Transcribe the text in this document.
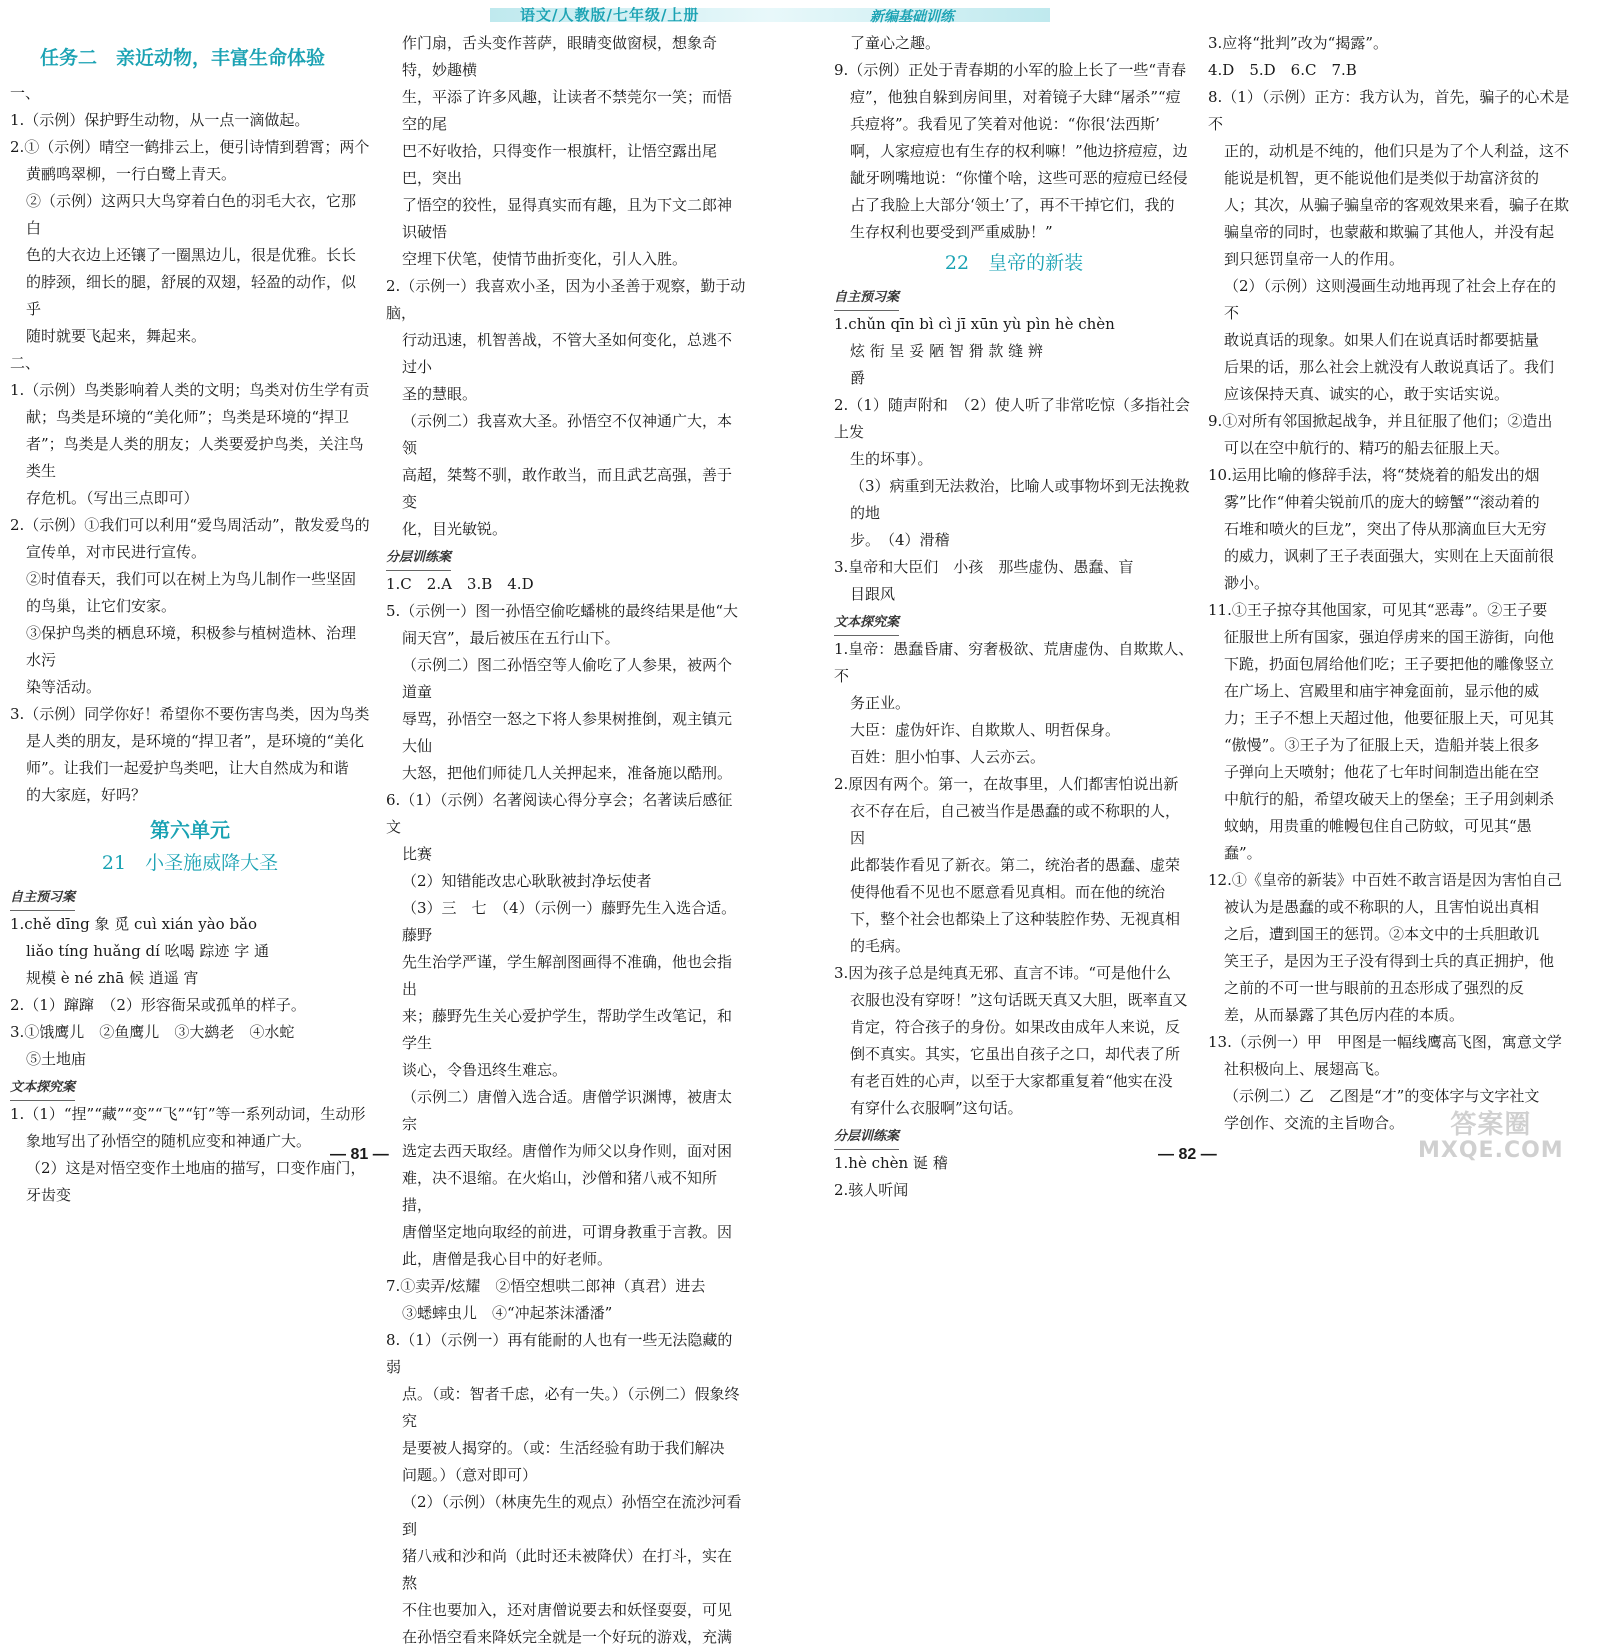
语文/人教版/七年级/上册	新编基础训练

任务二　亲近动物，丰富生命体验

一、

1.（示例）保护野生动物，从一点一滴做起。

2.①（示例）晴空一鹤排云上，便引诗情到碧霄；两个

黄鹂鸣翠柳，一行白鹭上青天。

②（示例）这两只大鸟穿着白色的羽毛大衣，它那白

色的大衣边上还镶了一圈黑边儿，很是优雅。长长

的脖颈，细长的腿，舒展的双翅，轻盈的动作，似乎

随时就要飞起来，舞起来。

二、

1.（示例）鸟类影响着人类的文明；鸟类对仿生学有贡

献；鸟类是环境的“美化师”；鸟类是环境的“捍卫

者”；鸟类是人类的朋友；人类要爱护鸟类，关注鸟类生

存危机。（写出三点即可）

2.（示例）①我们可以利用“爱鸟周活动”，散发爱鸟的

宣传单，对市民进行宣传。

②时值春天，我们可以在树上为鸟儿制作一些坚固

的鸟巢，让它们安家。

③保护鸟类的栖息环境，积极参与植树造林、治理水污

染等活动。

3.（示例）同学你好！希望你不要伤害鸟类，因为鸟类

是人类的朋友，是环境的“捍卫者”，是环境的“美化

师”。让我们一起爱护鸟类吧，让大自然成为和谐

的大家庭，好吗？

第六单元

21　小圣施威降大圣

自主预习案

1.chě dīng 象 觅 cuì xián yào bǎo

liǎo tíng huǎng dí 吆喝 踪迹 字 通

规模 è né zhā 候 逍遥 宵

2.（1）蹿蹿　（2）形容衙呆或孤单的样子。

3.①饿鹰儿　②鱼鹰儿　③大鹚老　④水蛇

⑤土地庙

文本探究案

1.（1）“捏”“藏”“变”“飞”“钉”等一系列动词，生动形

象地写出了孙悟空的随机应变和神通广大。

（2）这是对悟空变作土地庙的描写，口变作庙门，牙齿变

作门扇，舌头变作菩萨，眼睛变做窗棂，想象奇特，妙趣横

生，平添了许多风趣，让读者不禁莞尔一笑；而悟空的尾

巴不好收拾，只得变作一根旗杆，让悟空露出尾巴，突出

了悟空的狡性，显得真实而有趣，且为下文二郎神识破悟

空埋下伏笔，使情节曲折变化，引人入胜。

2.（示例一）我喜欢小圣，因为小圣善于观察，勤于动脑，

行动迅速，机智善战，不管大圣如何变化，总逃不过小

圣的慧眼。

（示例二）我喜欢大圣。孙悟空不仅神通广大，本领

高超，桀骜不驯，敢作敢当，而且武艺高强，善于变

化，目光敏锐。

分层训练案

1.C　2.A　3.B　4.D

5.（示例一）图一孙悟空偷吃蟠桃的最终结果是他“大

闹天宫”，最后被压在五行山下。

（示例二）图二孙悟空等人偷吃了人参果，被两个道童

辱骂，孙悟空一怒之下将人参果树推倒，观主镇元大仙

大怒，把他们师徒几人关押起来，准备施以酷刑。

6.（1）（示例）名著阅读心得分享会；名著读后感征文

比赛

（2）知错能改忠心耿耿被封净坛使者

（3）三　七　（4）（示例一）藤野先生入选合适。藤野

先生治学严谨，学生解剖图画得不准确，他也会指出

来；藤野先生关心爱护学生，帮助学生改笔记，和学生

谈心，令鲁迅终生难忘。

（示例二）唐僧入选合适。唐僧学识渊博，被唐太宗

选定去西天取经。唐僧作为师父以身作则，面对困

难，决不退缩。在火焰山，沙僧和猪八戒不知所措，

唐僧坚定地向取经的前进，可谓身教重于言教。因

此，唐僧是我心目中的好老师。

7.①卖弄/炫耀　②悟空想哄二郎神（真君）进去

③蟋蟀虫儿　④“冲起茶沫潘潘”

8.（1）（示例一）再有能耐的人也有一些无法隐藏的弱

点。（或：智者千虑，必有一失。）（示例二）假象终究

是要被人揭穿的。（或：生活经验有助于我们解决

问题。）（意对即可）

（2）（示例）（林庚先生的观点）孙悟空在流沙河看到

猪八戒和沙和尚（此时还未被降伏）在打斗，实在熬

不住也要加入，还对唐僧说要去和妖怪耍耍，可见

在孙悟空看来降妖完全就是一个好玩的游戏，充满

了童心之趣。

9.（示例）正处于青春期的小军的脸上长了一些“青春

痘”，他独自躲到房间里，对着镜子大肆“屠杀”“痘

兵痘将”。我看见了笑着对他说：“你很‘法西斯’

啊，人家痘痘也有生存的权利嘛！”他边挤痘痘，边

龇牙咧嘴地说：“你懂个啥，这些可恶的痘痘已经侵

占了我脸上大部分‘领土’了，再不干掉它们，我的

生存权利也要受到严重威胁！”

22　皇帝的新装

自主预习案

1.chǔn qīn bì cì jī xūn yù pìn hè chèn

炫 衔 呈 妥 陋 智 猾 款 缝 辨

爵

2.（1）随声附和　（2）使人听了非常吃惊（多指社会上发

生的坏事）。

（3）病重到无法救治，比喻人或事物坏到无法挽救的地

步。　（4）滑稽

3.皇帝和大臣们　小孩　那些虚伪、愚蠢、盲

目跟风

文本探究案

1.皇帝：愚蠢昏庸、穷奢极欲、荒唐虚伪、自欺欺人、不

务正业。

大臣：虚伪奸诈、自欺欺人、明哲保身。

百姓：胆小怕事、人云亦云。

2.原因有两个。第一，在故事里，人们都害怕说出新

衣不存在后，自己被当作是愚蠢的或不称职的人，因

此都装作看见了新衣。第二，统治者的愚蠢、虚荣

使得他看不见也不愿意看见真相。而在他的统治

下，整个社会也都染上了这种装腔作势、无视真相

的毛病。

3.因为孩子总是纯真无邪、直言不讳。“可是他什么

衣服也没有穿呀！”这句话既天真又大胆，既率直又

肯定，符合孩子的身份。如果改由成年人来说，反

倒不真实。其实，它虽出自孩子之口，却代表了所

有老百姓的心声，以至于大家都重复着“他实在没

有穿什么衣服啊”这句话。

分层训练案

1.hè chèn 诞 稽

2.骇人听闻

3.应将“批判”改为“揭露”。

4.D　5.D　6.C　7.B

8.（1）（示例）正方：我方认为，首先，骗子的心术是不

正的，动机是不纯的，他们只是为了个人利益，这不

能说是机智，更不能说他们是类似于劫富济贫的

人；其次，从骗子骗皇帝的客观效果来看，骗子在欺

骗皇帝的同时，也蒙蔽和欺骗了其他人，并没有起

到只惩罚皇帝一人的作用。

（2）（示例）这则漫画生动地再现了社会上存在的不

敢说真话的现象。如果人们在说真话时都要掂量

后果的话，那么社会上就没有人敢说真话了。我们

应该保持天真、诚实的心，敢于实话实说。

9.①对所有邻国掀起战争，并且征服了他们；②造出

可以在空中航行的、精巧的船去征服上天。

10.运用比喻的修辞手法，将“焚烧着的船发出的烟

雾”比作“伸着尖锐前爪的庞大的螃蟹”“滚动着的

石堆和喷火的巨龙”，突出了侍从那滴血巨大无穷

的威力，讽刺了王子表面强大，实则在上天面前很

渺小。

11.①王子掠夺其他国家，可见其“恶毒”。②王子要

征服世上所有国家，强迫俘虏来的国王游街，向他

下跪，扔面包屑给他们吃；王子要把他的雕像竖立

在广场上、宫殿里和庙宇神龛面前，显示他的威

力；王子不想上天超过他，他要征服上天，可见其

“傲慢”。③王子为了征服上天，造船并装上很多

子弹向上天喷射；他花了七年时间制造出能在空

中航行的船，希望攻破天上的堡垒；王子用剑刺杀

蚊蚋，用贵重的帷幔包住自己防蚊，可见其“愚

蠢”。

12.①《皇帝的新装》中百姓不敢言语是因为害怕自己

被认为是愚蠢的或不称职的人，且害怕说出真相

之后，遭到国王的惩罚。②本文中的士兵胆敢讥

笑王子，是因为王子没有得到士兵的真正拥护，他

之前的不可一世与眼前的丑态形成了强烈的反

差，从而暴露了其色厉内荏的本质。

13.（示例一）甲　甲图是一幅线鹰高飞图，寓意文学

社积极向上、展翅高飞。

（示例二）乙　乙图是“才”的变体字与文字社文

学创作、交流的主旨吻合。

— 81 —	— 82 —
答案圈
MXQE.COM
